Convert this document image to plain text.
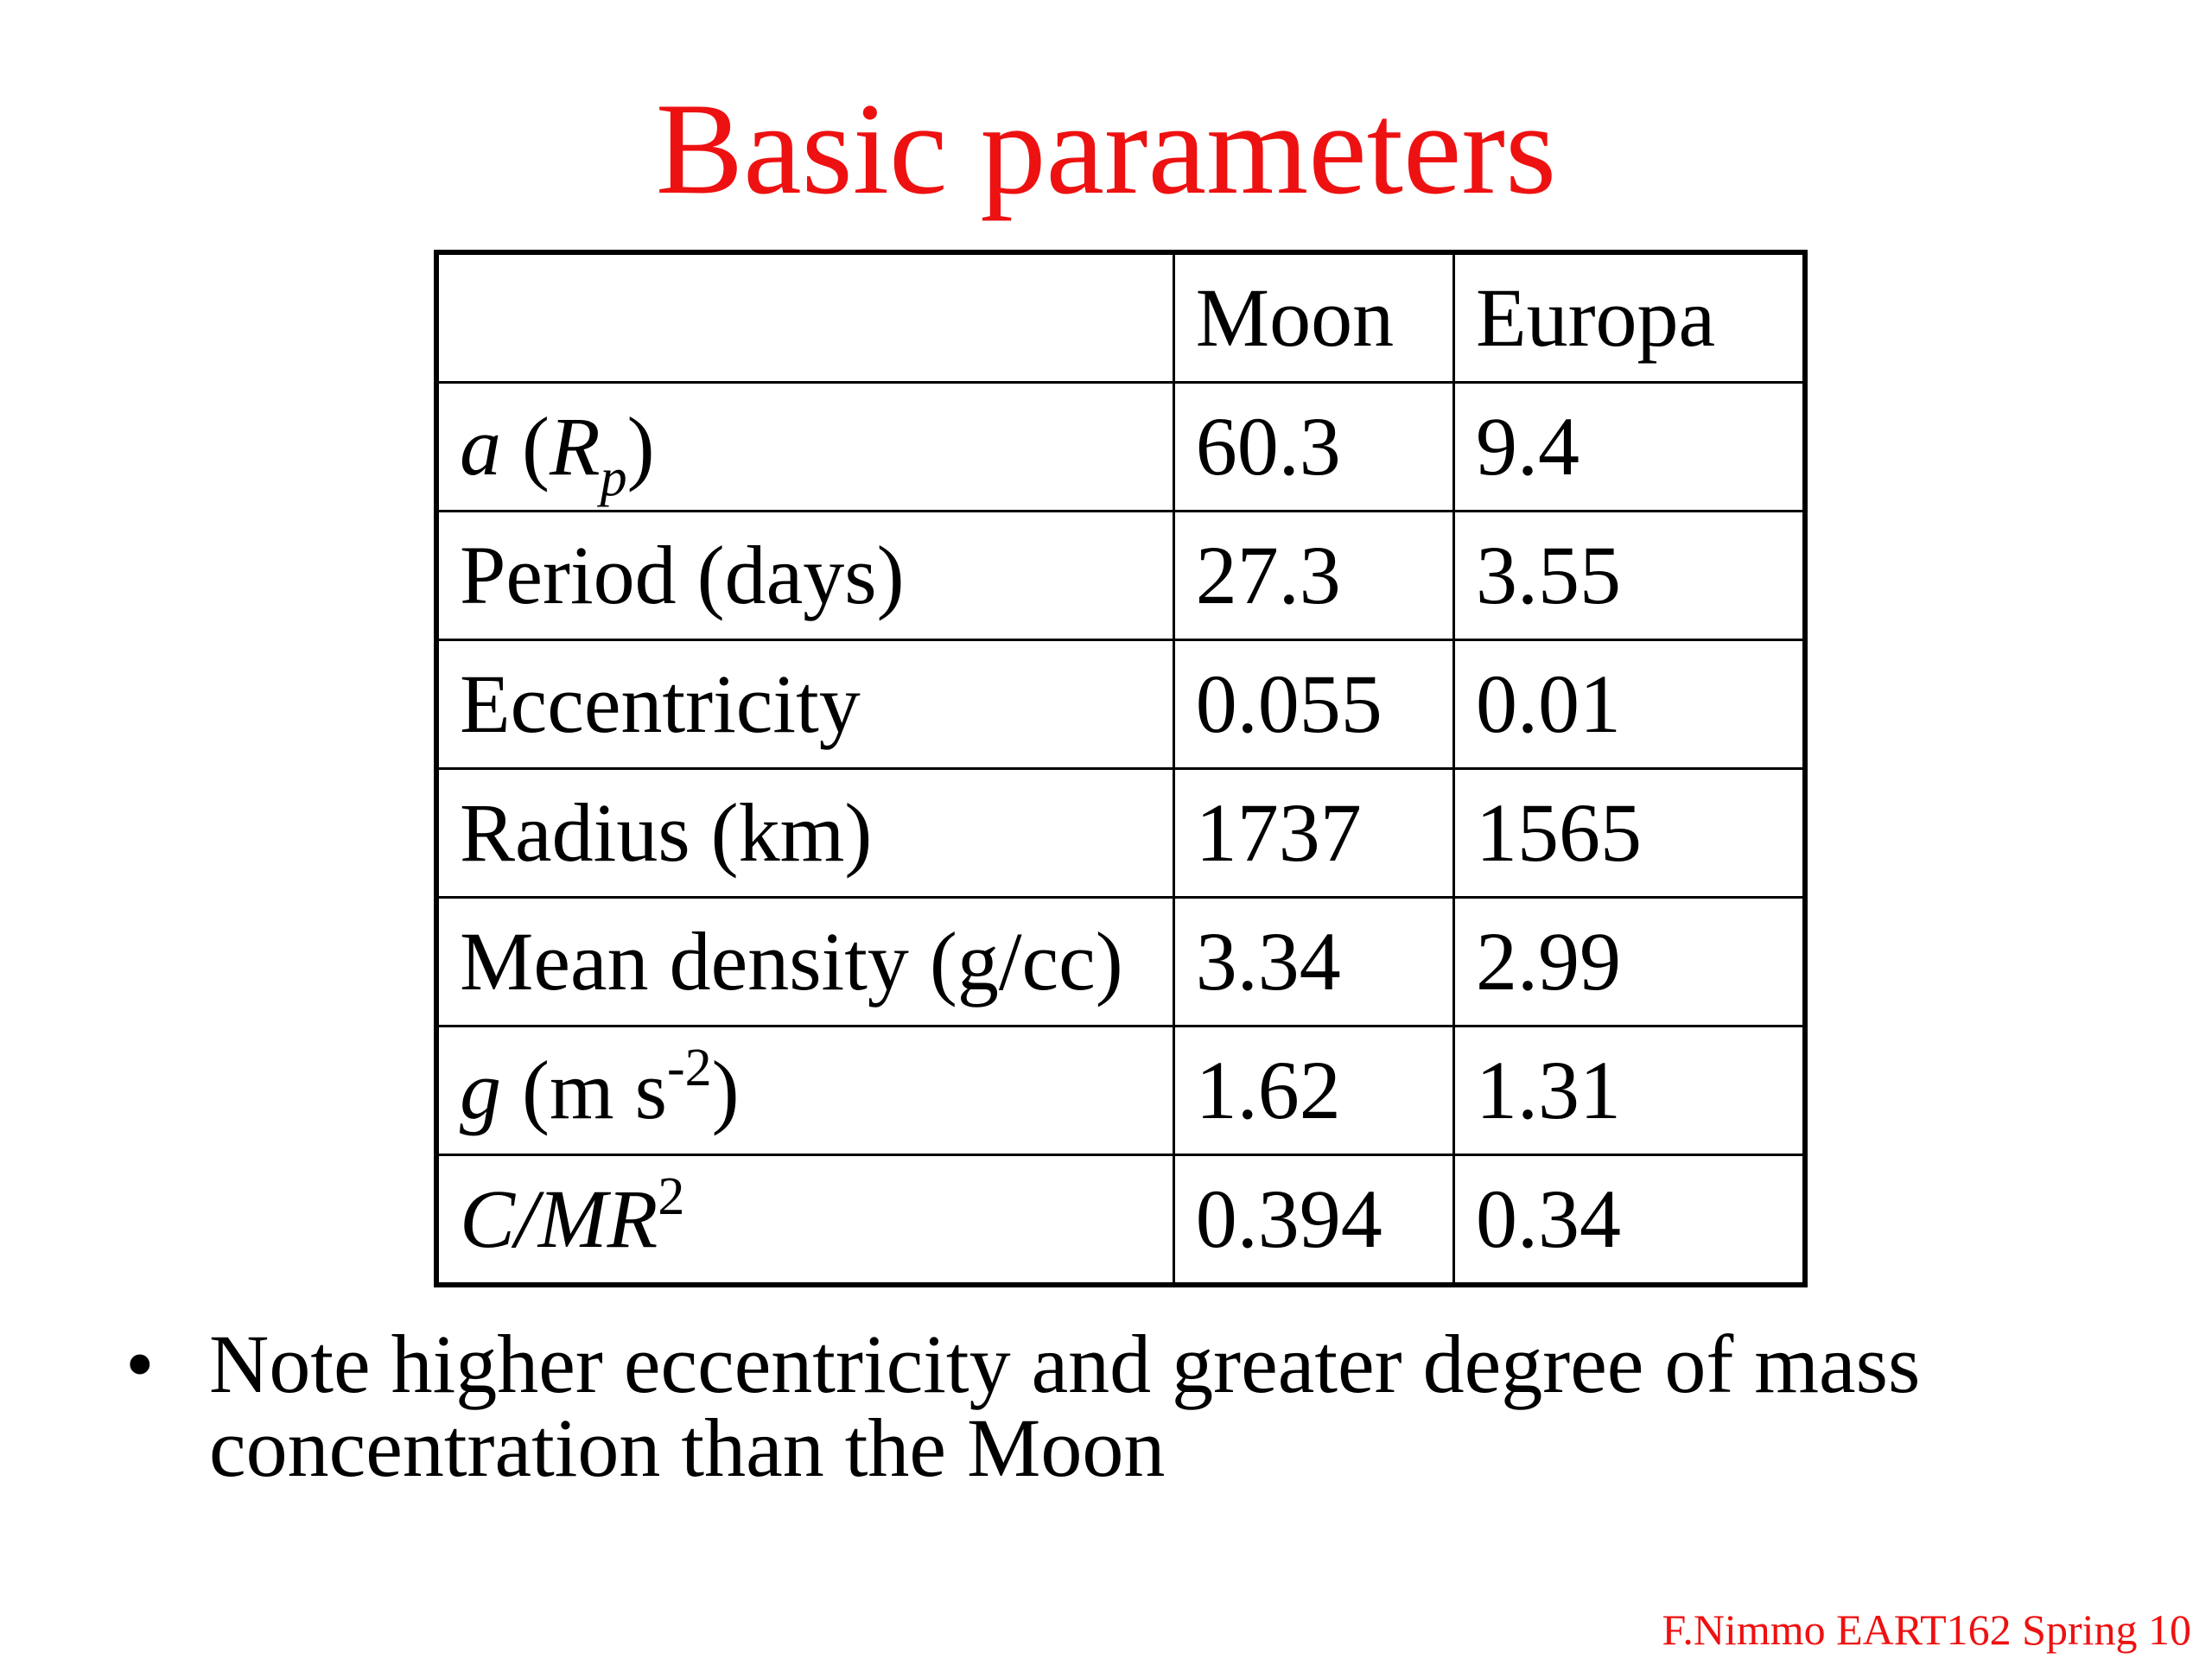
Basic parameters
	Moon	Europa
a $(R_p)$	60.3	9.4
Period (days)	27.3	3.55
Eccentricity	0.055	0.01
Radius (km)	1737	1565
Mean density (g/cc)	3.34	2.99
g (m $s^{-2}$)	1.62	1.31
$C/MR^2$	0.394	0.34
• Note higher eccentricity and greater degree of mass concentration than the Moon
F.Nimmo EART162 Spring 10
